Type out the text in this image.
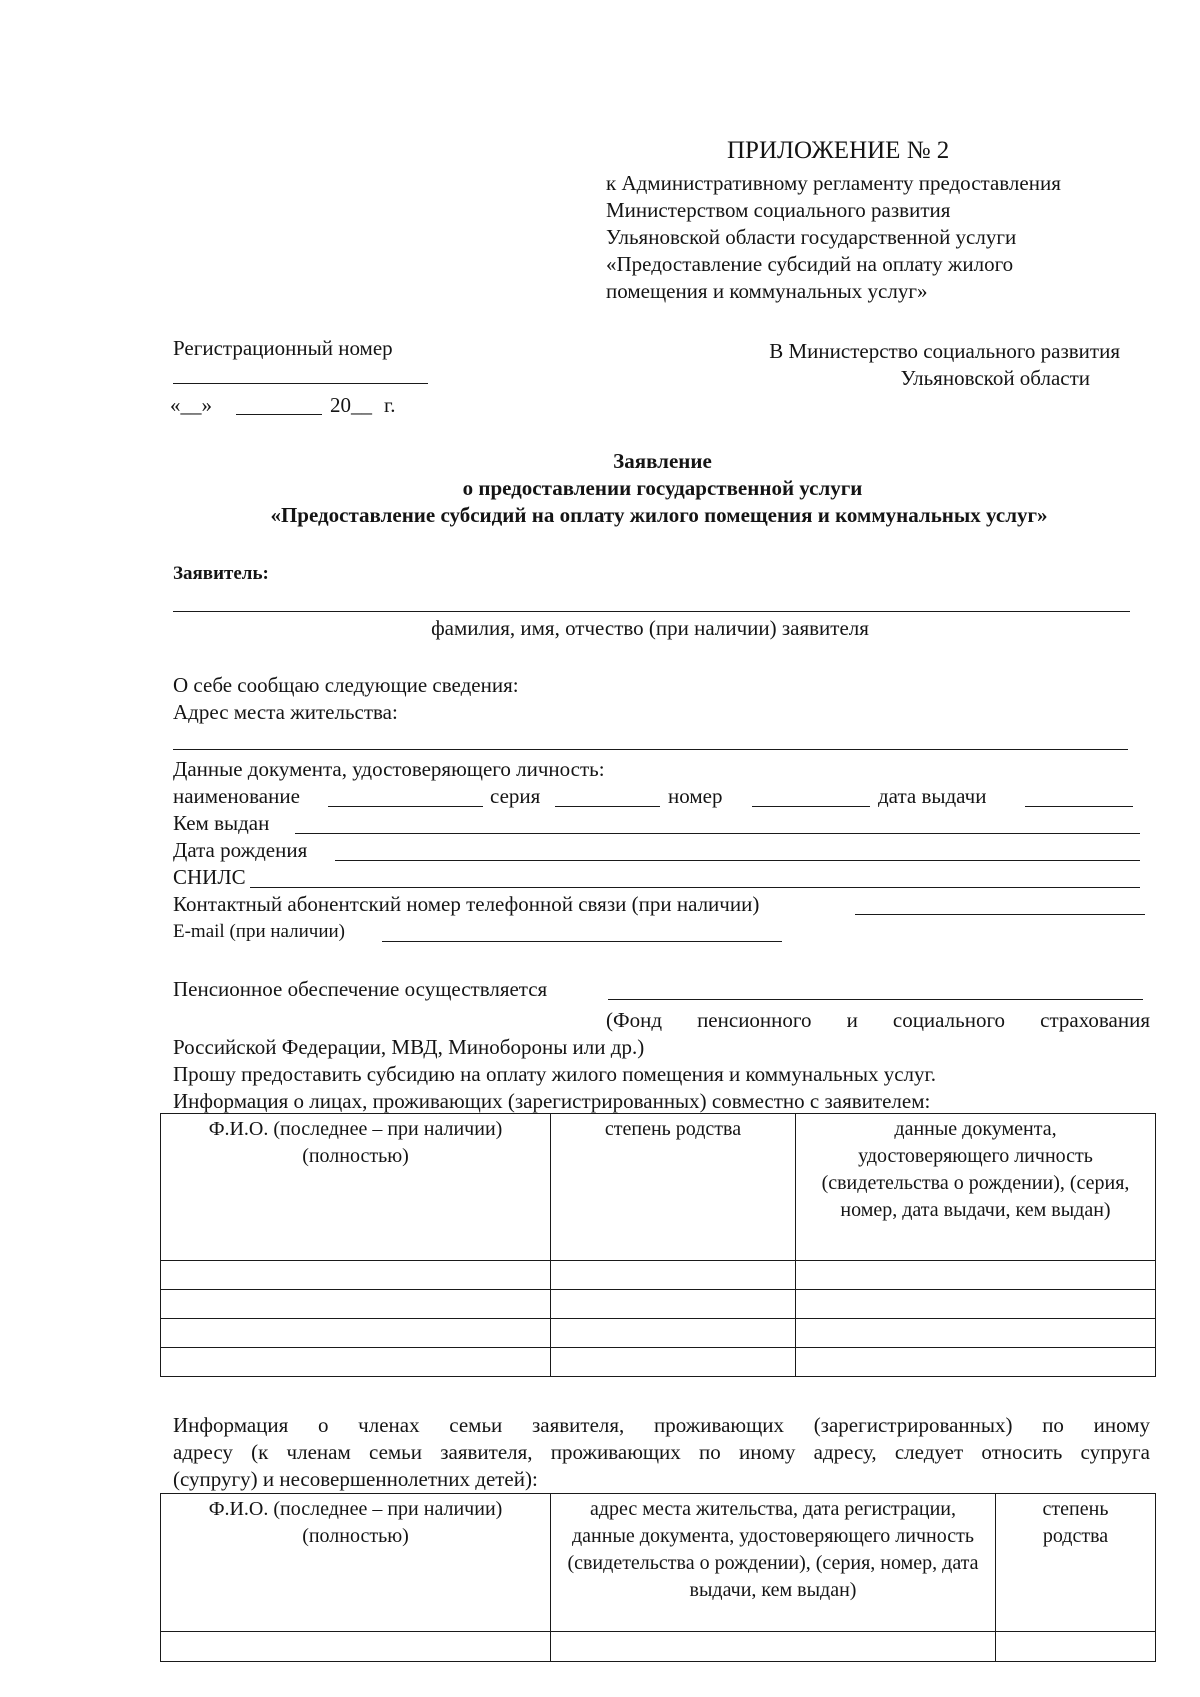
ПРИЛОЖЕНИЕ № 2
к Административному регламенту предоставления
Министерством социального развития
Ульяновской области государственной услуги
«Предоставление субсидий на оплату жилого
помещения и коммунальных услуг»
Регистрационный номер
«__»	20__ г.
В Министерство социального развития
Ульяновской области
Заявление
о предоставлении государственной услуги
«Предоставление субсидий на оплату жилого помещения и коммунальных услуг»
Заявитель:
фамилия, имя, отчество (при наличии) заявителя
О себе сообщаю следующие сведения:
Адрес места жительства:
Данные документа, удостоверяющего личность:
наименование	серия	номер	дата выдачи
Кем выдан
Дата рождения
СНИЛС
Контактный абонентский номер телефонной связи (при наличии)
E-mail (при наличии)
Пенсионное обеспечение осуществляется
(Фонд пенсионного и социального страхования
Российской Федерации, МВД, Минобороны или др.)
Прошу предоставить субсидию на оплату жилого помещения и коммунальных услуг.
Информация о лицах, проживающих (зарегистрированных) совместно с заявителем:
Ф.И.О. (последнее – при наличии) (полностью)	степень родства	данные документа, удостоверяющего личность (свидетельства о рождении), (серия, номер, дата выдачи, кем выдан)

Информация о членах семьи заявителя, проживающих (зарегистрированных) по иному
адресу (к членам семьи заявителя, проживающих по иному адресу, следует относить супруга
(супругу) и несовершеннолетних детей):
Ф.И.О. (последнее – при наличии) (полностью)	адрес места жительства, дата регистрации, данные документа, удостоверяющего личность (свидетельства о рождении), (серия, номер, дата выдачи, кем выдан)	степень родства
